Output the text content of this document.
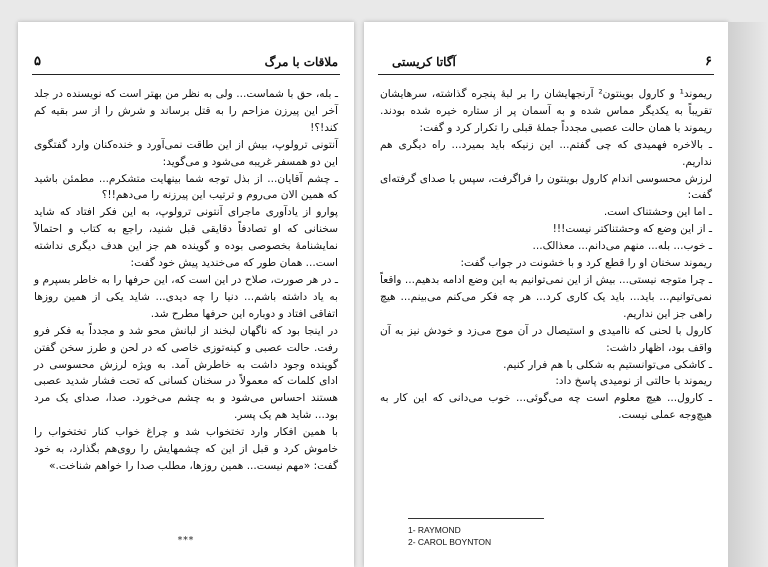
۵	ملاقات با مرگ

ـ بله، حق با شماست... ولی به نظر من بهتر است که نویسنده در جلد آخر این پیرزن مزاحم را به قتل برساند و شرش را از سر بقیه کم کند!؟!

آنتونی ترولوپ، بیش از این طاقت نمی‌آورد و خنده‌کنان وارد گفتگوی این دو همسفر غریبه می‌شود و می‌گوید:

ـ چشم آقایان... از بذل توجه شما بینهایت متشکرم... مطمئن باشید که همین الان می‌روم و ترتیب این پیرزنه را می‌دهم!!؟

پوارو از یادآوری ماجرای آنتونی ترولوپ، به این فکر افتاد که شاید سخنانی که او تصادفاً دقایقی قبل شنید، راجع به کتاب و احتمالاً نمایشنامهٔ بخصوصی بوده و گوینده هم جز این هدف دیگری نداشته است... همان طور که می‌خندید پیش خود گفت:

ـ در هر صورت، صلاح در این است که، این حرفها را به خاطر بسپرم و به یاد داشته باشم... دنیا را چه دیدی... شاید یکی از همین روزها اتفاقی افتاد و دوباره این حرفها مطرح شد.

در اینجا بود که ناگهان لبخند از لبانش محو شد و مجدداً به فکر فرو رفت. حالت عصبی و کینه‌توزی خاصی که در لحن و طرز سخن گفتن گوینده وجود داشت به خاطرش آمد. به ویژه لرزش محسوسی در ادای کلمات که معمولاً در سخنان کسانی که تحت فشار شدید عصبی هستند احساس می‌شود و به چشم می‌خورد. صدا، صدای یک مرد بود... شاید هم یک پسر.

با همین افکار وارد تختخواب شد و چراغ خواب کنار تختخواب را خاموش کرد و قبل از این که چشمهایش را روی‌هم بگذارد، به خود گفت: «مهم نیست... همین روزها، مطلب صدا را خواهم شناخت.»

***
۶
آگاتا کریستی

ریموند¹ و کارول بوینتون² آرنجهایشان را بر لبهٔ پنجره گذاشته، سرهایشان تقریباً به یکدیگر مماس شده و به آسمان پر از ستاره خیره شده بودند. ریموند با همان حالت عصبی مجدداً جملهٔ قبلی را تکرار کرد و گفت:

ـ بالاخره فهمیدی که چی گفتم... این زنیکه باید بمیرد... راه دیگری هم نداریم.

لرزش محسوسی اندام کارول بوینتون را فراگرفت، سپس با صدای گرفته‌ای گفت:

ـ اما این وحشتناک است.

ـ از این وضع که وحشتناکتر نیست!!!

ـ خوب... بله... منهم می‌دانم... معذالک...

ریموند سخنان او را قطع کرد و با خشونت در جواب گفت:

ـ چرا متوجه نیستی... بیش از این نمی‌توانیم به این وضع ادامه بدهیم... واقعاً نمی‌توانیم... باید... باید یک کاری کرد... هر چه فکر می‌کنم می‌بینم... هیچ راهی جز این نداریم.

کارول با لحنی که ناامیدی و استیصال در آن موج می‌زد و خودش نیز به آن واقف بود، اظهار داشت:

ـ کاشکی می‌توانستیم به شکلی با هم فرار کنیم.

ریموند با حالتی از نومیدی پاسخ داد:

ـ کارول... هیچ معلوم است چه می‌گوئی... خوب می‌دانی که این کار به هیچ‌وجه عملی نیست.

1- RAYMOND
2- CAROL BOYNTON
